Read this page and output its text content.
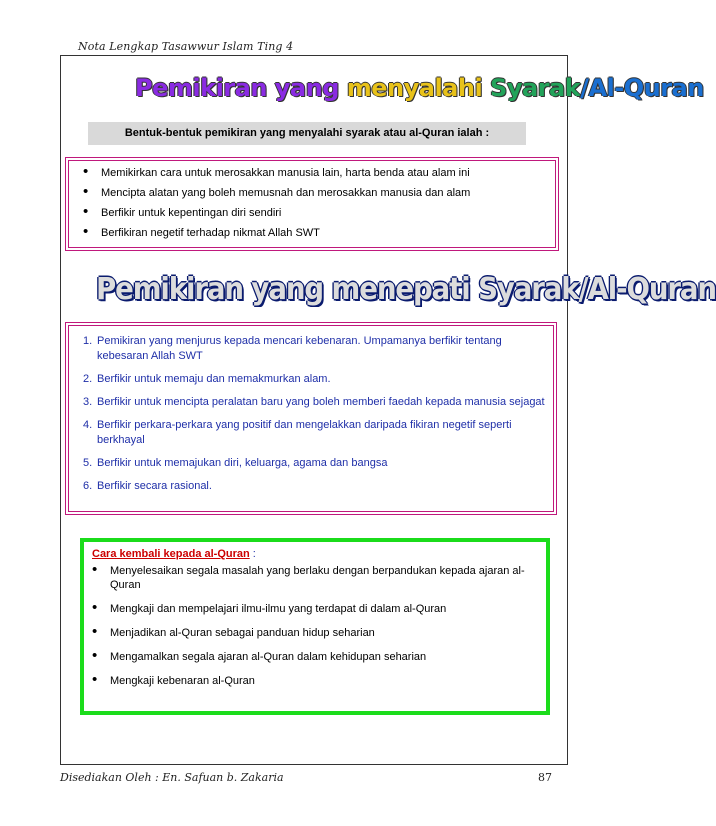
Nota Lengkap Tasawwur Islam Ting 4
Pemikiran yang menyalahi Syarak/Al-Quran
Bentuk-bentuk pemikiran yang menyalahi syarak atau al-Quran ialah :
• Memikirkan cara untuk merosakkan manusia lain, harta benda atau alam ini
• Mencipta alatan yang boleh memusnah dan merosakkan manusia dan alam
• Berfikir untuk kepentingan diri sendiri
• Berfikiran negetif terhadap nikmat Allah SWT
Pemikiran yang menepati Syarak/Al-Quran
1. Pemikiran yang menjurus kepada mencari kebenaran. Umpamanya berfikir tentang kebesaran Allah SWT
2. Berfikir untuk memaju dan memakmurkan alam.
3. Berfikir untuk mencipta peralatan baru yang boleh memberi faedah kepada manusia sejagat
4. Berfikir perkara-perkara yang positif dan mengelakkan daripada fikiran negetif seperti berkhayal
5. Berfikir untuk memajukan diri, keluarga, agama dan bangsa
6. Berfikir secara rasional.
Cara kembali kepada al-Quran :
• Menyelesaikan segala masalah yang berlaku dengan berpandukan kepada ajaran al-Quran
• Mengkaji dan mempelajari ilmu-ilmu yang terdapat di dalam al-Quran
• Menjadikan al-Quran sebagai panduan hidup seharian
• Mengamalkan segala ajaran al-Quran dalam kehidupan seharian
• Mengkaji kebenaran al-Quran
Disediakan Oleh : En. Safuan b. Zakaria	87
